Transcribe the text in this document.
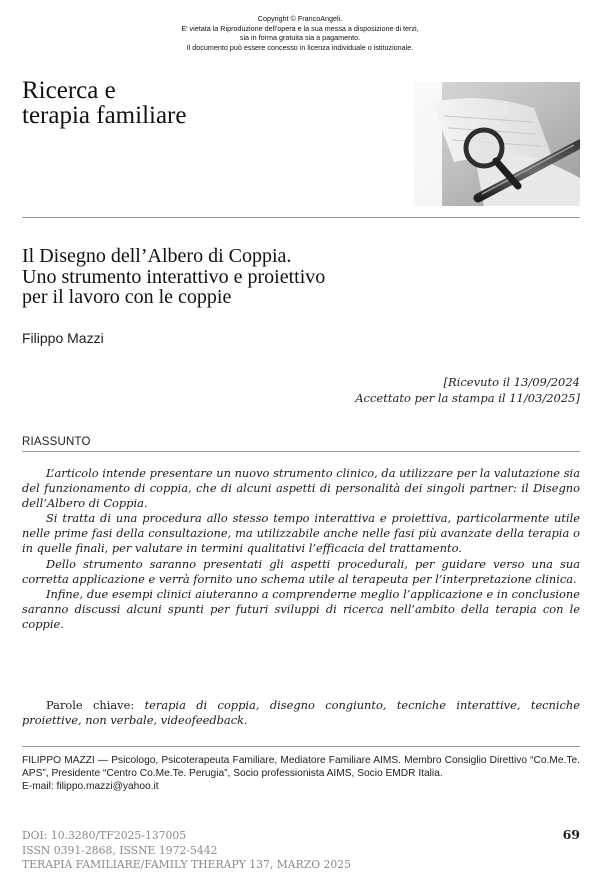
Copyright © FrancoAngeli.
E' vietata la Riproduzione dell'opera e la sua messa a disposizione di terzi,
sia in forma gratuita sia a pagamento.
Il documento può essere concesso in licenza individuale o istituzionale.
Ricerca e
terapia familiare
Il Disegno dell’Albero di Coppia.
Uno strumento interattivo e proiettivo
per il lavoro con le coppie
Filippo Mazzi
[Ricevuto il 13/09/2024
Accettato per la stampa il 11/03/2025]
RIASSUNTO

L’articolo intende presentare un nuovo strumento clinico, da utilizzare per la valutazione sia del funzionamento di coppia, che di alcuni aspetti di personalità dei singoli partner: il Disegno dell’Albero di Coppia.

Si tratta di una procedura allo stesso tempo interattiva e proiettiva, particolarmente utile nelle prime fasi della consultazione, ma utilizzabile anche nelle fasi più avanzate della terapia o in quelle finali, per valutare in termini qualitativi l’efficacia del trattamento.

Dello strumento saranno presentati gli aspetti procedurali, per guidare verso una sua corretta applicazione e verrà fornito uno schema utile al terapeuta per l’interpretazione clinica.

Infine, due esempi clinici aiuteranno a comprenderne meglio l’applicazione e in conclusione saranno discussi alcuni spunti per futuri sviluppi di ricerca nell’ambito della terapia con le coppie.

Parole chiave: terapia di coppia, disegno congiunto, tecniche interattive, tecniche proiettive, non verbale, videofeedback.

FILIPPO MAZZI — Psicologo, Psicoterapeuta Familiare, Mediatore Familiare AIMS. Membro Consiglio Direttivo “Co.Me.Te. APS”, Presidente “Centro Co.Me.Te. Perugia”, Socio professionista AIMS, Socio EMDR Italia.

E-mail: filippo.mazzi@yahoo.it

DOI: 10.3280/TF2025-137005
ISSN 0391-2868, ISSNE 1972-5442
TERAPIA FAMILIARE/FAMILY THERAPY 137, MARZO 2025
69
